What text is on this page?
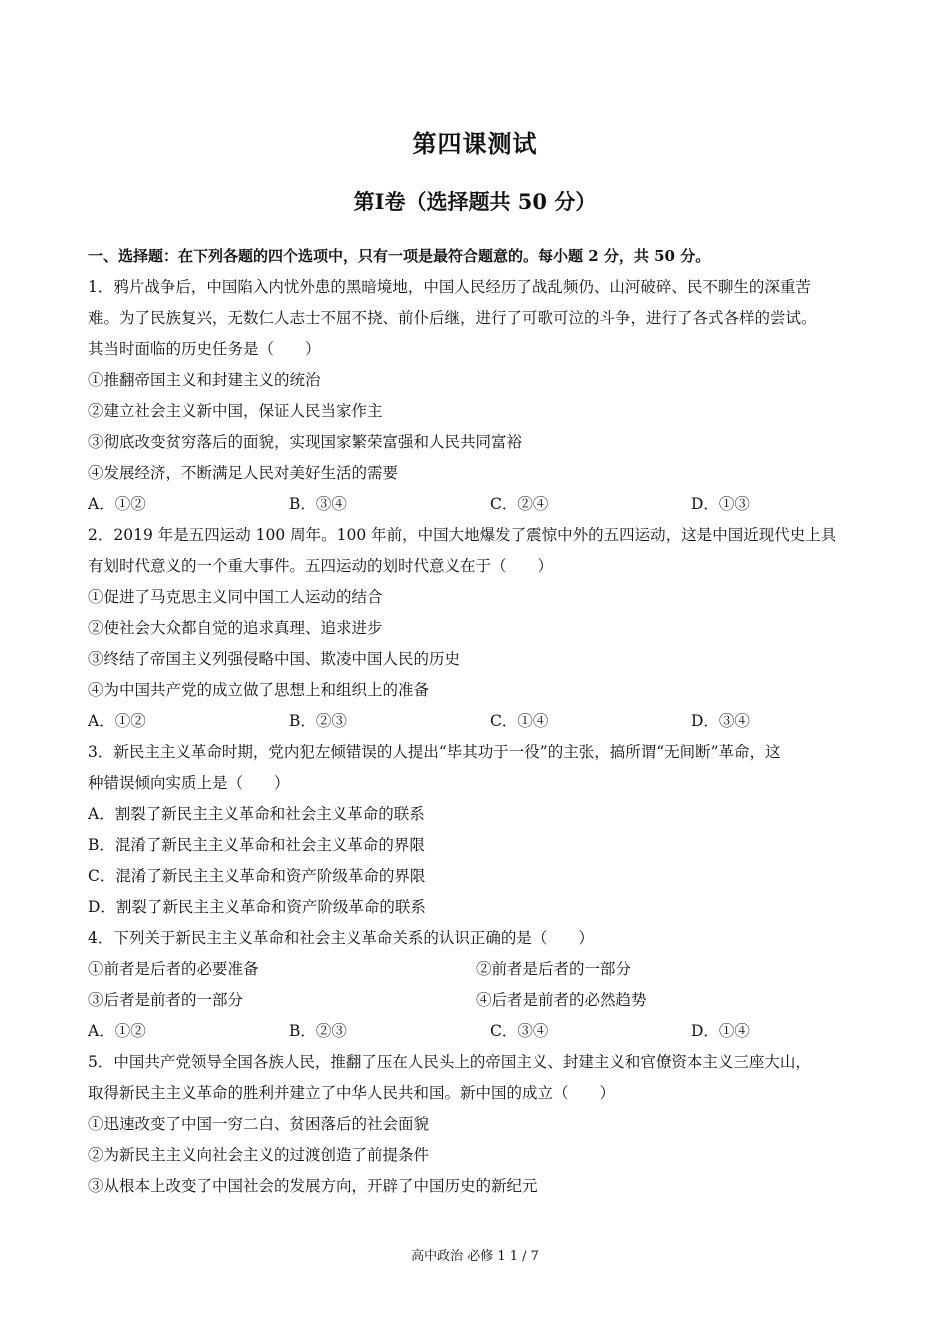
第四课测试
第Ⅰ卷（选择题共 50 分）
一、选择题：在下列各题的四个选项中，只有一项是最符合题意的。每小题 2 分，共 50 分。
1．鸦片战争后，中国陷入内忧外患的黑暗境地，中国人民经历了战乱频仍、山河破碎、民不聊生的深重苦
难。为了民族复兴，无数仁人志士不屈不挠、前仆后继，进行了可歌可泣的斗争，进行了各式各样的尝试。
其当时面临的历史任务是（　　）
①推翻帝国主义和封建主义的统治
②建立社会主义新中国，保证人民当家作主
③彻底改变贫穷落后的面貌，实现国家繁荣富强和人民共同富裕
④发展经济，不断满足人民对美好生活的需要
A．①②	B．③④	C．②④	D．①③
2．2019 年是五四运动 100 周年。100 年前，中国大地爆发了震惊中外的五四运动，这是中国近现代史上具
有划时代意义的一个重大事件。五四运动的划时代意义在于（　　）
①促进了马克思主义同中国工人运动的结合
②使社会大众都自觉的追求真理、追求进步
③终结了帝国主义列强侵略中国、欺凌中国人民的历史
④为中国共产党的成立做了思想上和组织上的准备
A．①②	B．②③	C．①④	D．③④
3．新民主主义革命时期，党内犯左倾错误的人提出“毕其功于一役”的主张，搞所谓“无间断”革命，这
种错误倾向实质上是（　　）
A．割裂了新民主主义革命和社会主义革命的联系
B．混淆了新民主主义革命和社会主义革命的界限
C．混淆了新民主主义革命和资产阶级革命的界限
D．割裂了新民主主义革命和资产阶级革命的联系
4．下列关于新民主主义革命和社会主义革命关系的认识正确的是（　　）
①前者是后者的必要准备	②前者是后者的一部分
③后者是前者的一部分	④后者是前者的必然趋势
A．①②	B．②③	C．③④	D．①④
5．中国共产党领导全国各族人民，推翻了压在人民头上的帝国主义、封建主义和官僚资本主义三座大山，
取得新民主主义革命的胜利并建立了中华人民共和国。新中国的成立（　　）
①迅速改变了中国一穷二白、贫困落后的社会面貌
②为新民主主义向社会主义的过渡创造了前提条件
③从根本上改变了中国社会的发展方向，开辟了中国历史的新纪元
高中政治 必修 1 1 / 7
